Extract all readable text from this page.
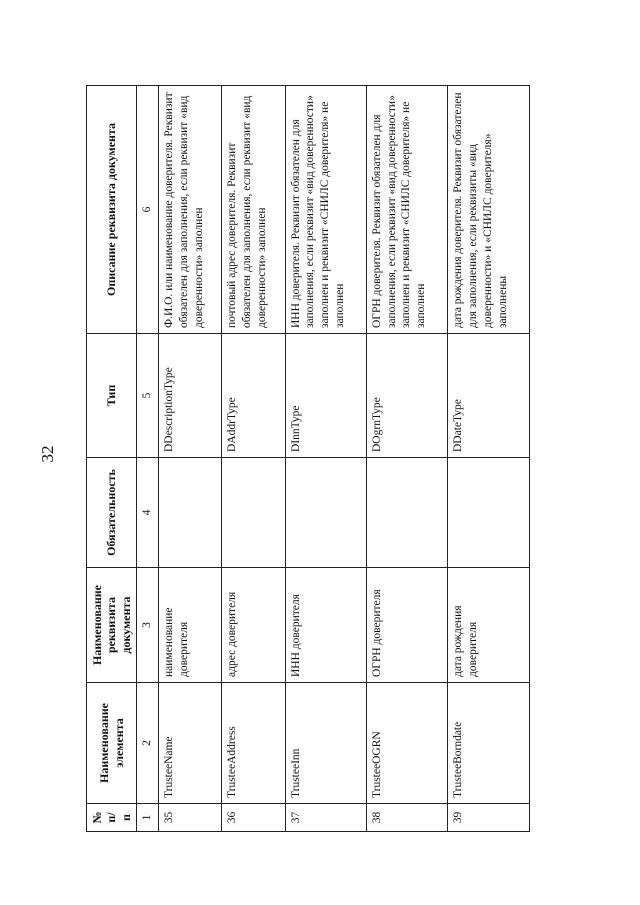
32
№ п/п	Наименование элемента	Наименование реквизита документа	Обязательность	Тип	Описание реквизита документа
1	2	3	4	5	6
35	TrusteeName	наименование доверителя		DDescriptionType	Ф.И.О. или наименование доверителя. Реквизит обязателен для заполнения, если реквизит «вид доверенности» заполнен
36	TrusteeAddress	адрес доверителя		DAddrType	почтовый адрес доверителя. Реквизит обязателен для заполнения, если реквизит «вид доверенности» заполнен
37	TrusteeInn	ИНН доверителя		DInnType	ИНН доверителя. Реквизит обязателен для заполнения, если реквизит «вид доверенности» заполнен и реквизит «СНИЛС доверителя» не заполнен
38	TrusteeOGRN	ОГРН доверителя		DOgrnType	ОГРН доверителя. Реквизит обязателен для заполнения, если реквизит «вид доверенности» заполнен и реквизит «СНИЛС доверителя» не заполнен
39	TrusteeBorndate	дата рождения доверителя		DDateType	дата рождения доверителя. Реквизит обязателен для заполнения, если реквизиты «вид доверенности» и «СНИЛС доверителя» заполнены
